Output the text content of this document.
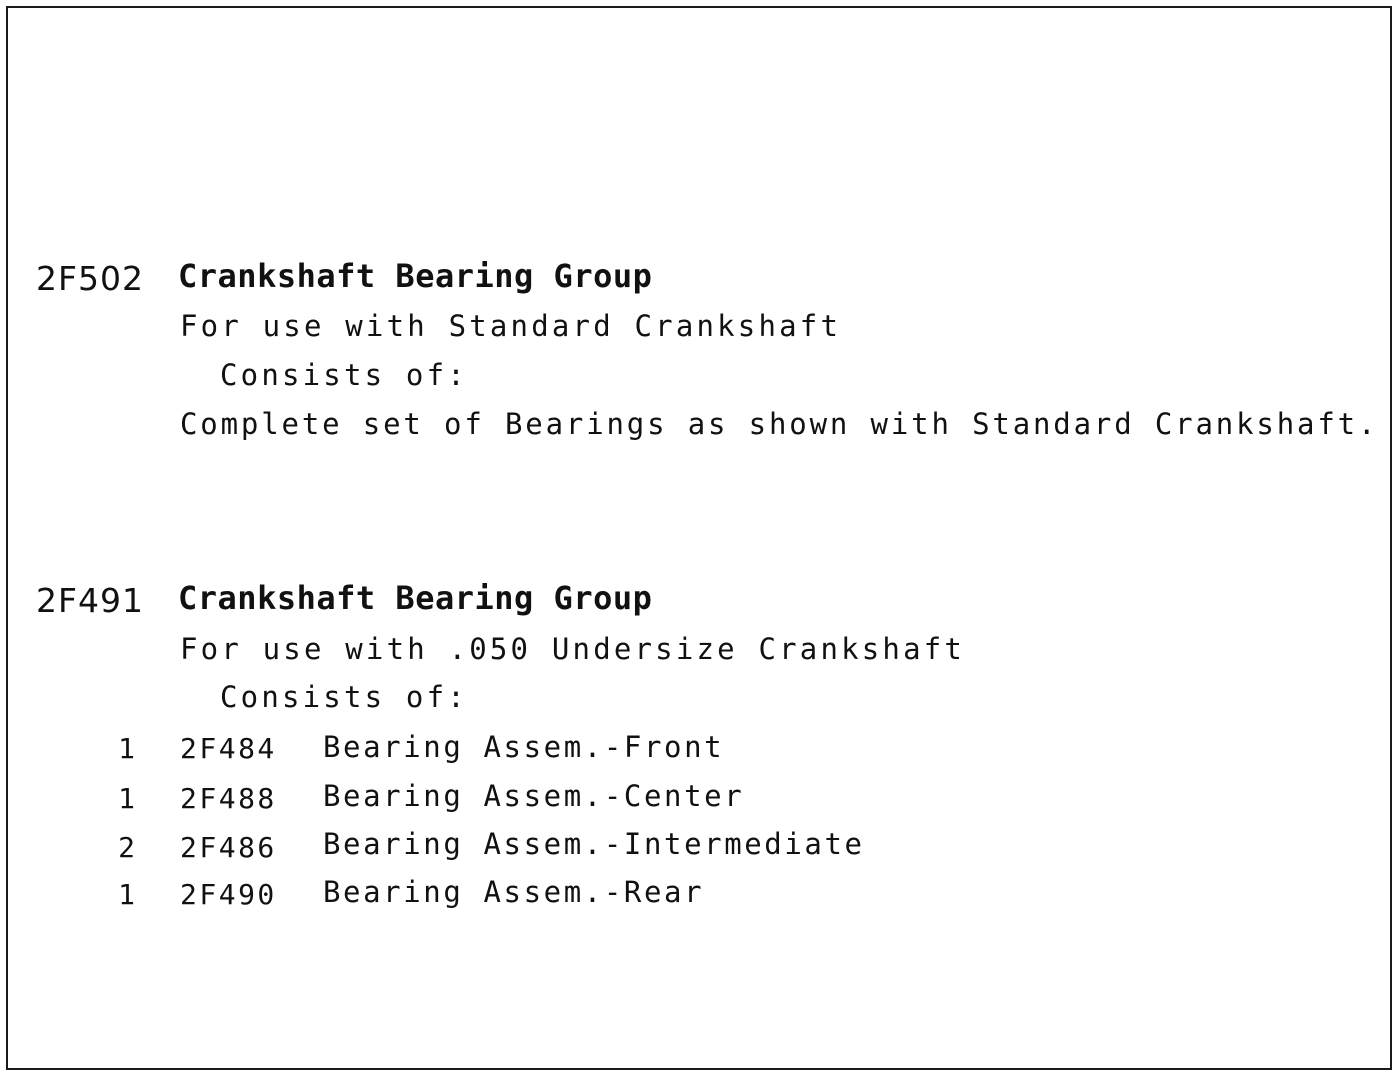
2F502 Crankshaft Bearing Group
For use with Standard Crankshaft
Consists of:
Complete set of Bearings as shown with Standard Crankshaft.
2F491 Crankshaft Bearing Group
For use with .050 Undersize Crankshaft
Consists of:
1 2F484 Bearing Assem.-Front
1 2F488 Bearing Assem.-Center
2 2F486 Bearing Assem.-Intermediate
1 2F490 Bearing Assem.-Rear
